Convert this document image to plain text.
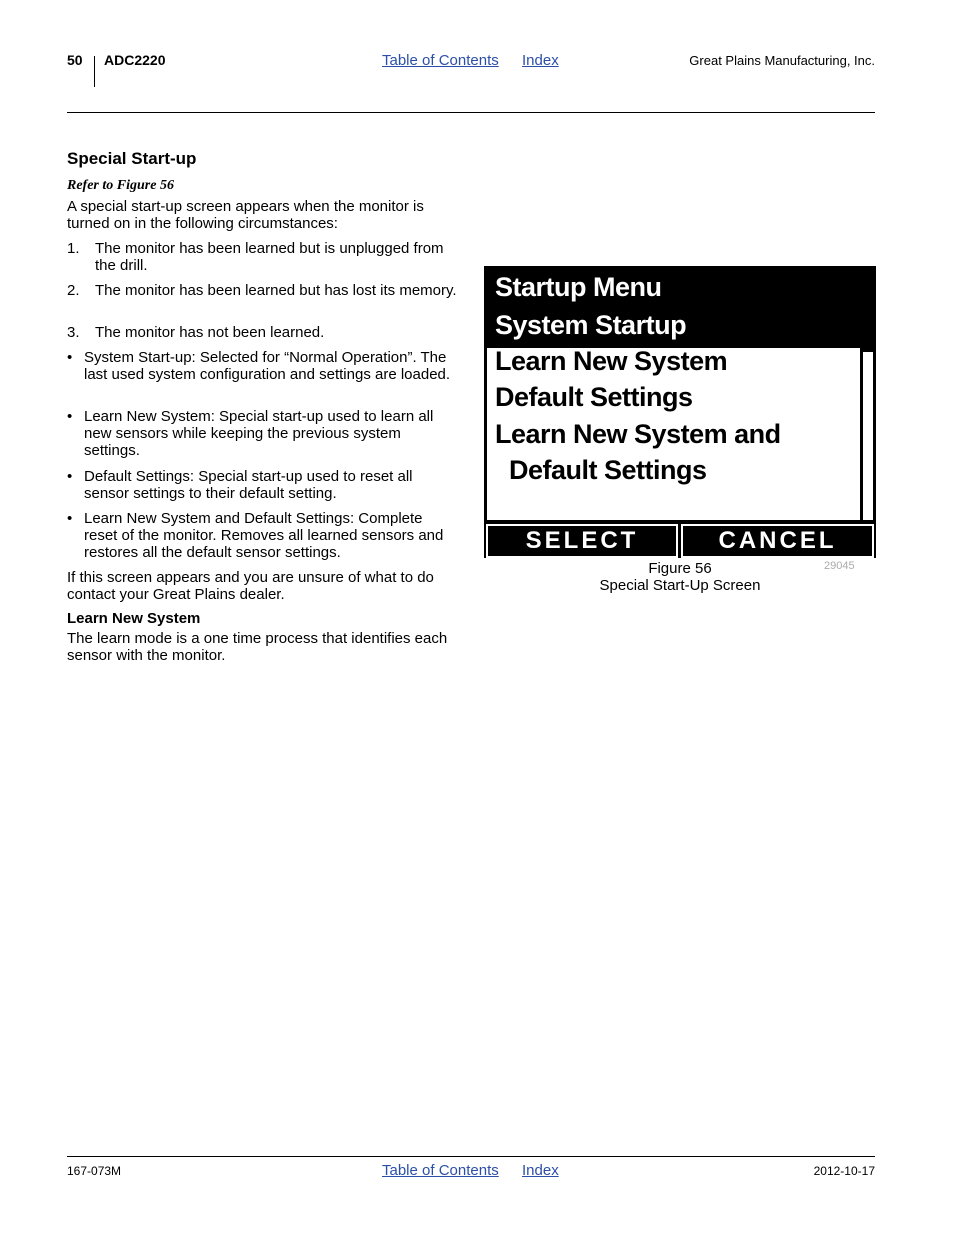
50 ADC2220	Table of Contents Index	Great Plains Manufacturing, Inc.
Special Start-up
Refer to Figure 56
A special start-up screen appears when the monitor is turned on in the following circumstances:
1. The monitor has been learned but is unplugged from the drill.
2. The monitor has been learned but has lost its memory.
3. The monitor has not been learned.
• System Start-up: Selected for “Normal Operation”. The last used system configuration and settings are loaded.
• Learn New System: Special start-up used to learn all new sensors while keeping the previous system settings.
• Default Settings: Special start-up used to reset all sensor settings to their default setting.
• Learn New System and Default Settings: Complete reset of the monitor. Removes all learned sensors and restores all the default sensor settings.
If this screen appears and you are unsure of what to do contact your Great Plains dealer.
Learn New System
The learn mode is a one time process that identifies each sensor with the monitor.
Startup Menu
System Startup
Learn New System
Default Settings
Learn New System and
Default Settings
SELECT	CANCEL
Figure 56
Special Start-Up Screen
29045
167-073M	Table of Contents Index	2012-10-17
